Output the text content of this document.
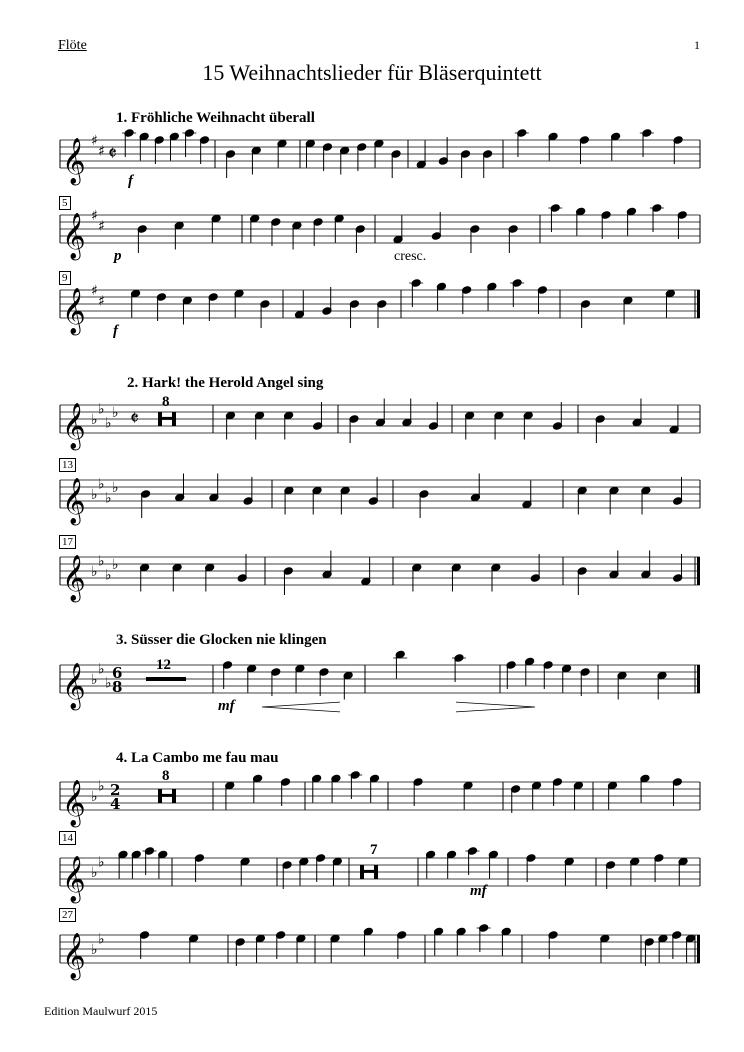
Flöte	1
15 Weihnachtslieder für Bläserquintett
1. Fröhliche Weihnacht überall
2. Hark! the Herold Angel sing
3. Süsser die Glocken nie klingen
4. La Cambo me fau mau
5
9
13
17
14
27
f
p	cresc.
f
mf
mf
8
12
8
7
𝄞 ♯
♯ 𝄵
𝄞 ♯
♯
𝄞 ♯
♯
𝄞 ♭
♭
♭
♭ 𝄵
𝄞 ♭
♭
♭
♭
𝄞 ♭
♭
♭
♭
𝄞 ♭
♭
♭
6
8
𝄞 ♭
♭ 2
4
𝄞 ♭
♭
𝄞 ♭
♭
Edition Maulwurf 2015
